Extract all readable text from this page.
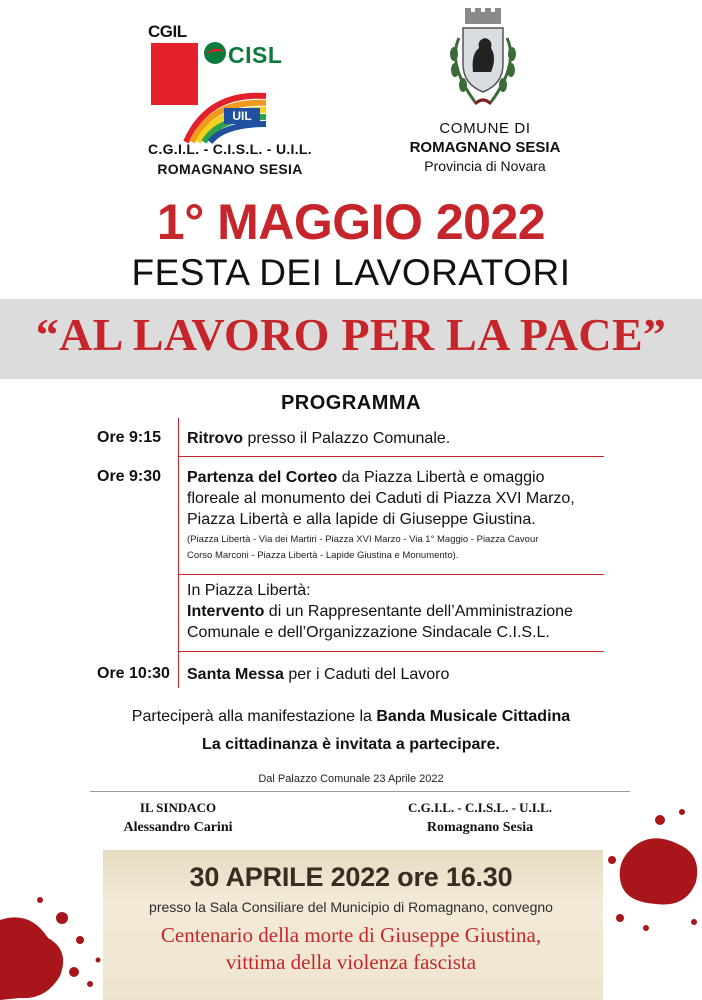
CGIL
CISL
UIL
C.G.I.L. - C.I.S.L. - U.I.L.
ROMAGNANO SESIA
COMUNE DI
ROMAGNANO SESIA
Provincia di Novara
1° MAGGIO 2022
FESTA DEI LAVORATORI
“AL LAVORO PER LA PACE”
PROGRAMMA
Ore 9:15 Ritrovo presso il Palazzo Comunale.
Ore 9:30 Partenza del Corteo da Piazza Libertà e omaggio
floreale al monumento dei Caduti di Piazza XVI Marzo,
Piazza Libertà e alla lapide di Giuseppe Giustina.
(Piazza Libertà - Via dei Martiri - Piazza XVI Marzo - Via 1° Maggio - Piazza Cavour
Corso Marconi - Piazza Libertà - Lapide Giustina e Monumento).
In Piazza Libertà:
Intervento di un Rappresentante dell’Amministrazione
Comunale e dell’Organizzazione Sindacale C.I.S.L.
Ore 10:30 Santa Messa per i Caduti del Lavoro
Parteciperà alla manifestazione la Banda Musicale Cittadina
La cittadinanza è invitata a partecipare.
Dal Palazzo Comunale 23 Aprile 2022
IL SINDACO
Alessandro Carini
C.G.I.L. - C.I.S.L. - U.I.L.
Romagnano Sesia
30 APRILE 2022 ore 16.30
presso la Sala Consiliare del Municipio di Romagnano, convegno
Centenario della morte di Giuseppe Giustina,
vittima della violenza fascista
